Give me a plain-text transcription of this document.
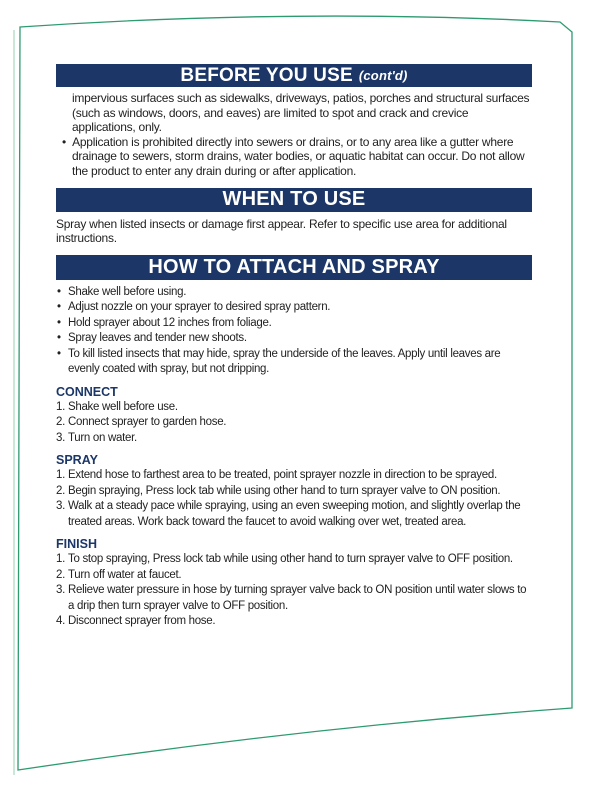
BEFORE YOU USE (cont'd)
impervious surfaces such as sidewalks, driveways, patios, porches and structural surfaces (such as windows, doors, and eaves) are limited to spot and crack and crevice applications, only.
•  Application is prohibited directly into sewers or drains, or to any area like a gutter where drainage to sewers, storm drains, water bodies, or aquatic habitat can occur. Do not allow the product to enter any drain during or after application.
WHEN TO USE
Spray when listed insects or damage first appear. Refer to specific use area for additional instructions.
HOW TO ATTACH AND SPRAY
• Shake well before using.
• Adjust nozzle on your sprayer to desired spray pattern.
• Hold sprayer about 12 inches from foliage.
• Spray leaves and tender new shoots.
• To kill listed insects that may hide, spray the underside of the leaves. Apply until leaves are evenly coated with spray, but not dripping.
CONNECT
1. Shake well before use.
2. Connect sprayer to garden hose.
3. Turn on water.
SPRAY
1. Extend hose to farthest area to be treated, point sprayer nozzle in direction to be sprayed.
2. Begin spraying, Press lock tab while using other hand to turn sprayer valve to ON position.
3. Walk at a steady pace while spraying, using an even sweeping motion, and slightly overlap the treated areas. Work back toward the faucet to avoid walking over wet, treated area.
FINISH
1. To stop spraying, Press lock tab while using other hand to turn sprayer valve to OFF position.
2. Turn off water at faucet.
3. Relieve water pressure in hose by turning sprayer valve back to ON position until water slows to a drip then turn sprayer valve to OFF position.
4. Disconnect sprayer from hose.
